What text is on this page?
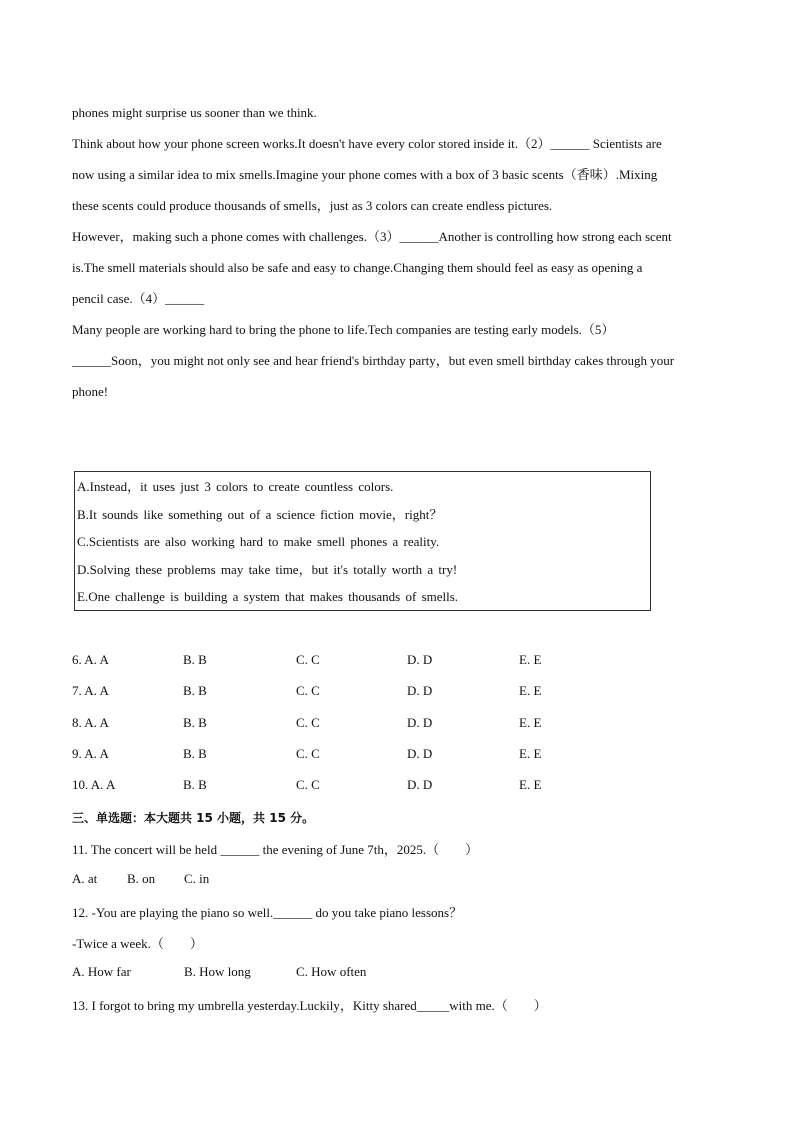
phones might surprise us sooner than we think.

Think about how your phone screen works.It doesn't have every color stored inside it.（2）______ Scientists are

now using a similar idea to mix smells.Imagine your phone comes with a box of 3 basic scents（香味）.Mixing

these scents could produce thousands of smells，just as 3 colors can create endless pictures.

However，making such a phone comes with challenges.（3）______Another is controlling how strong each scent

is.The smell materials should also be safe and easy to change.Changing them should feel as easy as opening a

pencil case.（4）______

Many people are working hard to bring the phone to life.Tech companies are testing early models.（5）

______Soon，you might not only see and hear friend's birthday party，but even smell birthday cakes through your

phone!

A.Instead，it uses just 3 colors to create countless colors.
B.It sounds like something out of a science fiction movie，right？
C.Scientists are also working hard to make smell phones a reality.
D.Solving these problems may take time，but it's totally worth a try!
E.One challenge is building a system that makes thousands of smells.
6. A. A	B. B	C. C	D. D	E. E
7. A. A	B. B	C. C	D. D	E. E
8. A. A	B. B	C. C	D. D	E. E
9. A. A	B. B	C. C	D. D	E. E
10. A. A	B. B	C. C	D. D	E. E
三、单选题：本大题共 15 小题，共 15 分。
11. The concert will be held ______ the evening of June 7th，2025.（　　）
A. at B. on C. in
12. -You are playing the piano so well.______ do you take piano lessons？
-Twice a week.（　　）
A. How far	B. How long	C. How often
13. I forgot to bring my umbrella yesterday.Luckily，Kitty shared_____with me.（　　）
